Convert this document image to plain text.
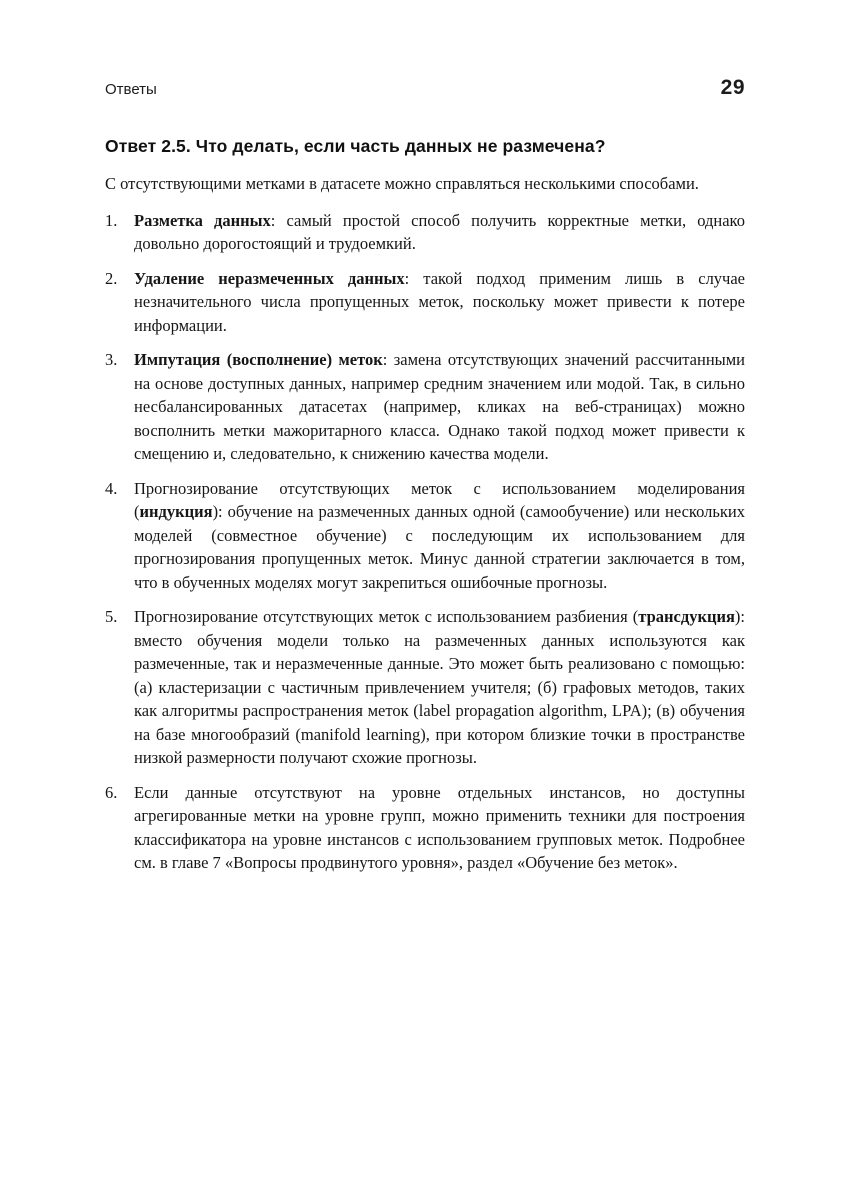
Ответы	29
Ответ 2.5. Что делать, если часть данных не размечена?

С отсутствующими метками в датасете можно справляться несколькими способами.

1. Разметка данных: самый простой способ получить корректные метки, однако довольно дорогостоящий и трудоемкий.
2. Удаление неразмеченных данных: такой подход применим лишь в случае незначительного числа пропущенных меток, поскольку может привести к потере информации.
3. Импутация (восполнение) меток: замена отсутствующих значений рассчитанными на основе доступных данных, например средним значением или модой. Так, в сильно несбалансированных датасетах (например, кликах на веб-страницах) можно восполнить метки мажоритарного класса. Однако такой подход может привести к смещению и, следовательно, к снижению качества модели.
4. Прогнозирование отсутствующих меток с использованием моделирования (индукция): обучение на размеченных данных одной (самообучение) или нескольких моделей (совместное обучение) с последующим их использованием для прогнозирования пропущенных меток. Минус данной стратегии заключается в том, что в обученных моделях могут закрепиться ошибочные прогнозы.
5. Прогнозирование отсутствующих меток с использованием разбиения (трансдукция): вместо обучения модели только на размеченных данных используются как размеченные, так и неразмеченные данные. Это может быть реализовано с помощью: (а) кластеризации с частичным привлечением учителя; (б) графовых методов, таких как алгоритмы распространения меток (label propagation algorithm, LPA); (в) обучения на базе многообразий (manifold learning), при котором близкие точки в пространстве низкой размерности получают схожие прогнозы.
6. Если данные отсутствуют на уровне отдельных инстансов, но доступны агрегированные метки на уровне групп, можно применить техники для построения классификатора на уровне инстансов с использованием групповых меток. Подробнее см. в главе 7 «Вопросы продвинутого уровня», раздел «Обучение без меток».
